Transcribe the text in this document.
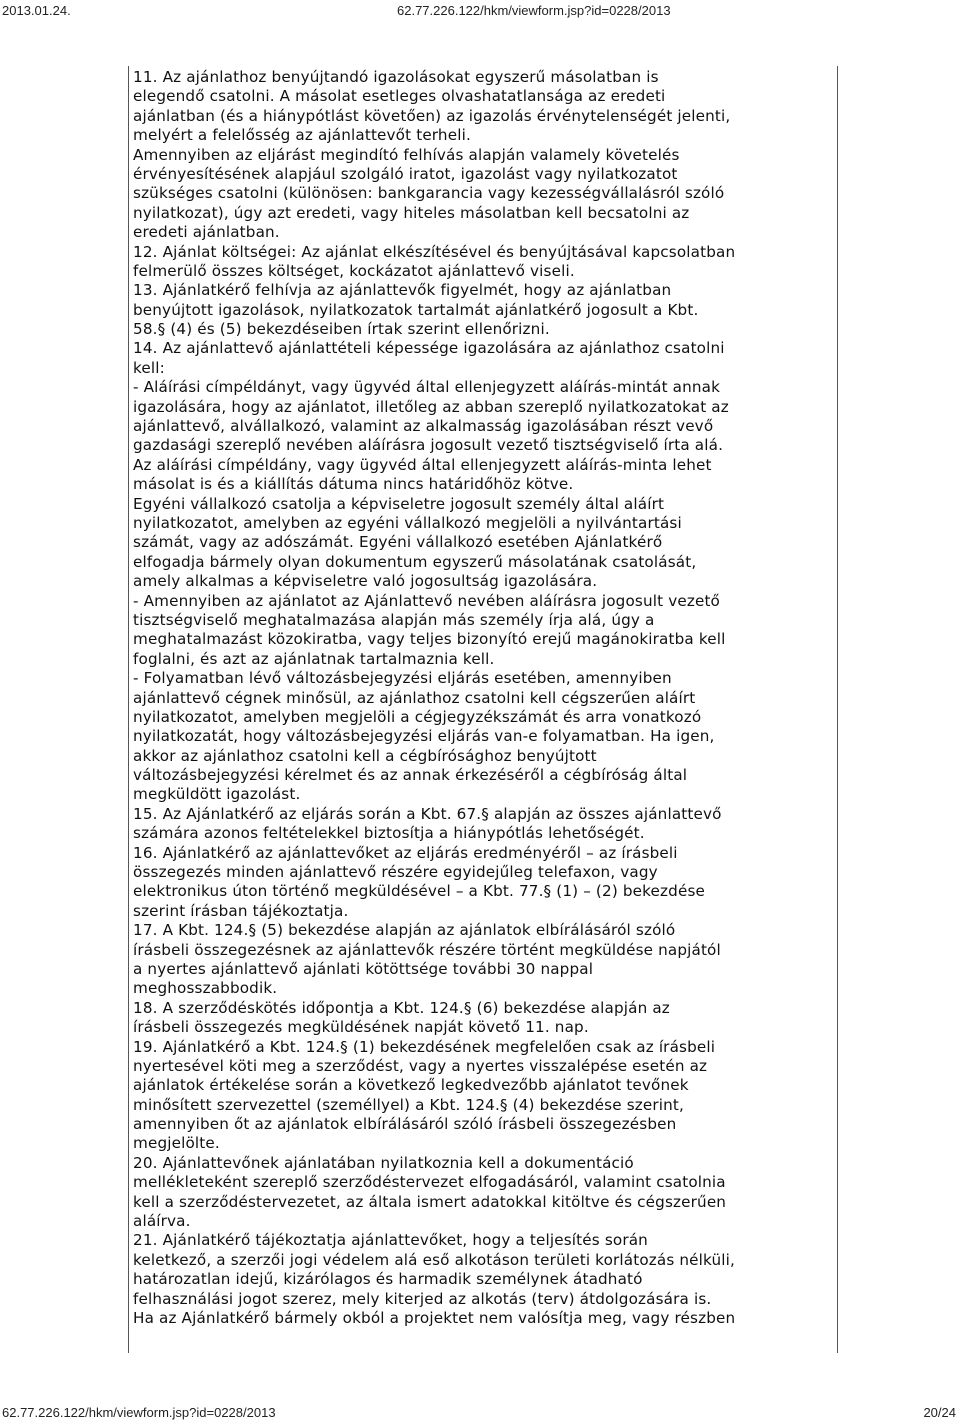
2013.01.24.	62.77.226.122/hkm/viewform.jsp?id=0228/2013
11. Az ajánlathoz benyújtandó igazolásokat egyszerű másolatban is
elegendő csatolni. A másolat esetleges olvashatatlansága az eredeti
ajánlatban (és a hiánypótlást követően) az igazolás érvénytelenségét jelenti,
melyért a felelősség az ajánlattevőt terheli.
Amennyiben az eljárást megindító felhívás alapján valamely követelés
érvényesítésének alapjául szolgáló iratot, igazolást vagy nyilatkozatot
szükséges csatolni (különösen: bankgarancia vagy kezességvállalásról szóló
nyilatkozat), úgy azt eredeti, vagy hiteles másolatban kell becsatolni az
eredeti ajánlatban.
12. Ajánlat költségei: Az ajánlat elkészítésével és benyújtásával kapcsolatban
felmerülő összes költséget, kockázatot ajánlattevő viseli.
13. Ajánlatkérő felhívja az ajánlattevők figyelmét, hogy az ajánlatban
benyújtott igazolások, nyilatkozatok tartalmát ajánlatkérő jogosult a Kbt.
58.§ (4) és (5) bekezdéseiben írtak szerint ellenőrizni.
14. Az ajánlattevő ajánlattételi képessége igazolására az ajánlathoz csatolni
kell:
- Aláírási címpéldányt, vagy ügyvéd által ellenjegyzett aláírás-mintát annak
igazolására, hogy az ajánlatot, illetőleg az abban szereplő nyilatkozatokat az
ajánlattevő, alvállalkozó, valamint az alkalmasság igazolásában részt vevő
gazdasági szereplő nevében aláírásra jogosult vezető tisztségviselő írta alá.
Az aláírási címpéldány, vagy ügyvéd által ellenjegyzett aláírás-minta lehet
másolat is és a kiállítás dátuma nincs határidőhöz kötve.
Egyéni vállalkozó csatolja a képviseletre jogosult személy által aláírt
nyilatkozatot, amelyben az egyéni vállalkozó megjelöli a nyilvántartási
számát, vagy az adószámát. Egyéni vállalkozó esetében Ajánlatkérő
elfogadja bármely olyan dokumentum egyszerű másolatának csatolását,
amely alkalmas a képviseletre való jogosultság igazolására.
- Amennyiben az ajánlatot az Ajánlattevő nevében aláírásra jogosult vezető
tisztségviselő meghatalmazása alapján más személy írja alá, úgy a
meghatalmazást közokiratba, vagy teljes bizonyító erejű magánokiratba kell
foglalni, és azt az ajánlatnak tartalmaznia kell.
- Folyamatban lévő változásbejegyzési eljárás esetében, amennyiben
ajánlattevő cégnek minősül, az ajánlathoz csatolni kell cégszerűen aláírt
nyilatkozatot, amelyben megjelöli a cégjegyzékszámát és arra vonatkozó
nyilatkozatát, hogy változásbejegyzési eljárás van-e folyamatban. Ha igen,
akkor az ajánlathoz csatolni kell a cégbírósághoz benyújtott
változásbejegyzési kérelmet és az annak érkezéséről a cégbíróság által
megküldött igazolást.
15. Az Ajánlatkérő az eljárás során a Kbt. 67.§ alapján az összes ajánlattevő
számára azonos feltételekkel biztosítja a hiánypótlás lehetőségét.
16. Ajánlatkérő az ajánlattevőket az eljárás eredményéről – az írásbeli
összegezés minden ajánlattevő részére egyidejűleg telefaxon, vagy
elektronikus úton történő megküldésével – a Kbt. 77.§ (1) – (2) bekezdése
szerint írásban tájékoztatja.
17. A Kbt. 124.§ (5) bekezdése alapján az ajánlatok elbírálásáról szóló
írásbeli összegezésnek az ajánlattevők részére történt megküldése napjától
a nyertes ajánlattevő ajánlati kötöttsége további 30 nappal
meghosszabbodik.
18. A szerződéskötés időpontja a Kbt. 124.§ (6) bekezdése alapján az
írásbeli összegezés megküldésének napját követő 11. nap.
19. Ajánlatkérő a Kbt. 124.§ (1) bekezdésének megfelelően csak az írásbeli
nyertesével köti meg a szerződést, vagy a nyertes visszalépése esetén az
ajánlatok értékelése során a következő legkedvezőbb ajánlatot tevőnek
minősített szervezettel (személlyel) a Kbt. 124.§ (4) bekezdése szerint,
amennyiben őt az ajánlatok elbírálásáról szóló írásbeli összegezésben
megjelölte.
20. Ajánlattevőnek ajánlatában nyilatkoznia kell a dokumentáció
mellékleteként szereplő szerződéstervezet elfogadásáról, valamint csatolnia
kell a szerződéstervezetet, az általa ismert adatokkal kitöltve és cégszerűen
aláírva.
21. Ajánlatkérő tájékoztatja ajánlattevőket, hogy a teljesítés során
keletkező, a szerzői jogi védelem alá eső alkotáson területi korlátozás nélküli,
határozatlan idejű, kizárólagos és harmadik személynek átadható
felhasználási jogot szerez, mely kiterjed az alkotás (terv) átdolgozására is.
Ha az Ajánlatkérő bármely okból a projektet nem valósítja meg, vagy részben
62.77.226.122/hkm/viewform.jsp?id=0228/2013	20/24
